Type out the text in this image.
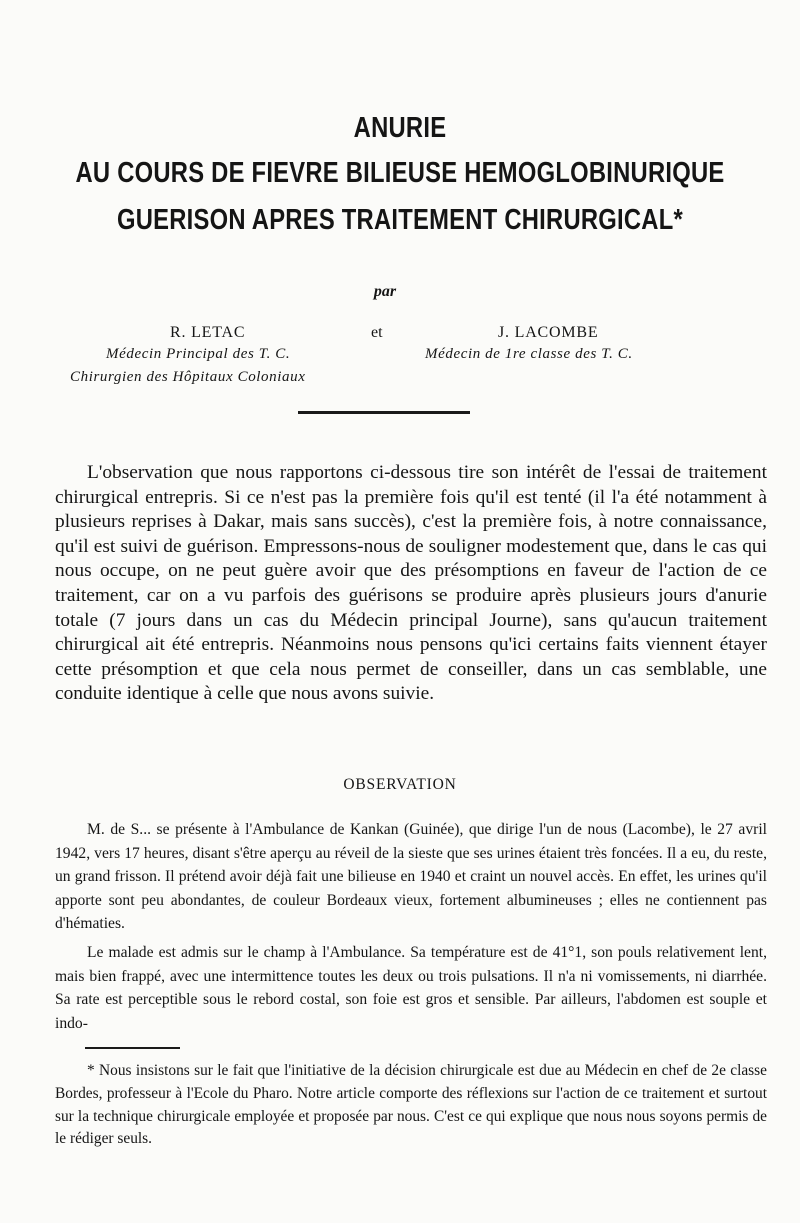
ANURIE
AU COURS DE FIEVRE BILIEUSE HEMOGLOBINURIQUE
GUERISON APRES TRAITEMENT CHIRURGICAL*
par
R. LETAC	et	J. LACOMBE
Médecin Principal des T. C.
Chirurgien des Hôpitaux Coloniaux
Médecin de 1re classe des T. C.

L'observation que nous rapportons ci-dessous tire son intérêt de l'essai de traitement chirurgical entrepris. Si ce n'est pas la première fois qu'il est tenté (il l'a été notamment à plusieurs reprises à Dakar, mais sans succès), c'est la première fois, à notre connaissance, qu'il est suivi de guérison. Empressons-nous de souligner modestement que, dans le cas qui nous occupe, on ne peut guère avoir que des présomptions en faveur de l'action de ce traitement, car on a vu parfois des guérisons se produire après plusieurs jours d'anurie totale (7 jours dans un cas du Médecin principal Journe), sans qu'aucun traitement chirurgical ait été entrepris. Néanmoins nous pensons qu'ici certains faits viennent étayer cette présomption et que cela nous permet de conseiller, dans un cas semblable, une conduite identique à celle que nous avons suivie.

OBSERVATION

M. de S... se présente à l'Ambulance de Kankan (Guinée), que dirige l'un de nous (Lacombe), le 27 avril 1942, vers 17 heures, disant s'être aperçu au réveil de la sieste que ses urines étaient très foncées. Il a eu, du reste, un grand frisson. Il prétend avoir déjà fait une bilieuse en 1940 et craint un nouvel accès. En effet, les urines qu'il apporte sont peu abondantes, de couleur Bordeaux vieux, fortement albumineuses ; elles ne contiennent pas d'hématies.

Le malade est admis sur le champ à l'Ambulance. Sa température est de 41°1, son pouls relativement lent, mais bien frappé, avec une intermittence toutes les deux ou trois pulsations. Il n'a ni vomissements, ni diarrhée. Sa rate est perceptible sous le rebord costal, son foie est gros et sensible. Par ailleurs, l'abdomen est souple et indo-

* Nous insistons sur le fait que l'initiative de la décision chirurgicale est due au Médecin en chef de 2e classe Bordes, professeur à l'Ecole du Pharo. Notre article comporte des réflexions sur l'action de ce traitement et surtout sur la technique chirurgicale employée et proposée par nous. C'est ce qui explique que nous nous soyons permis de le rédiger seuls.
